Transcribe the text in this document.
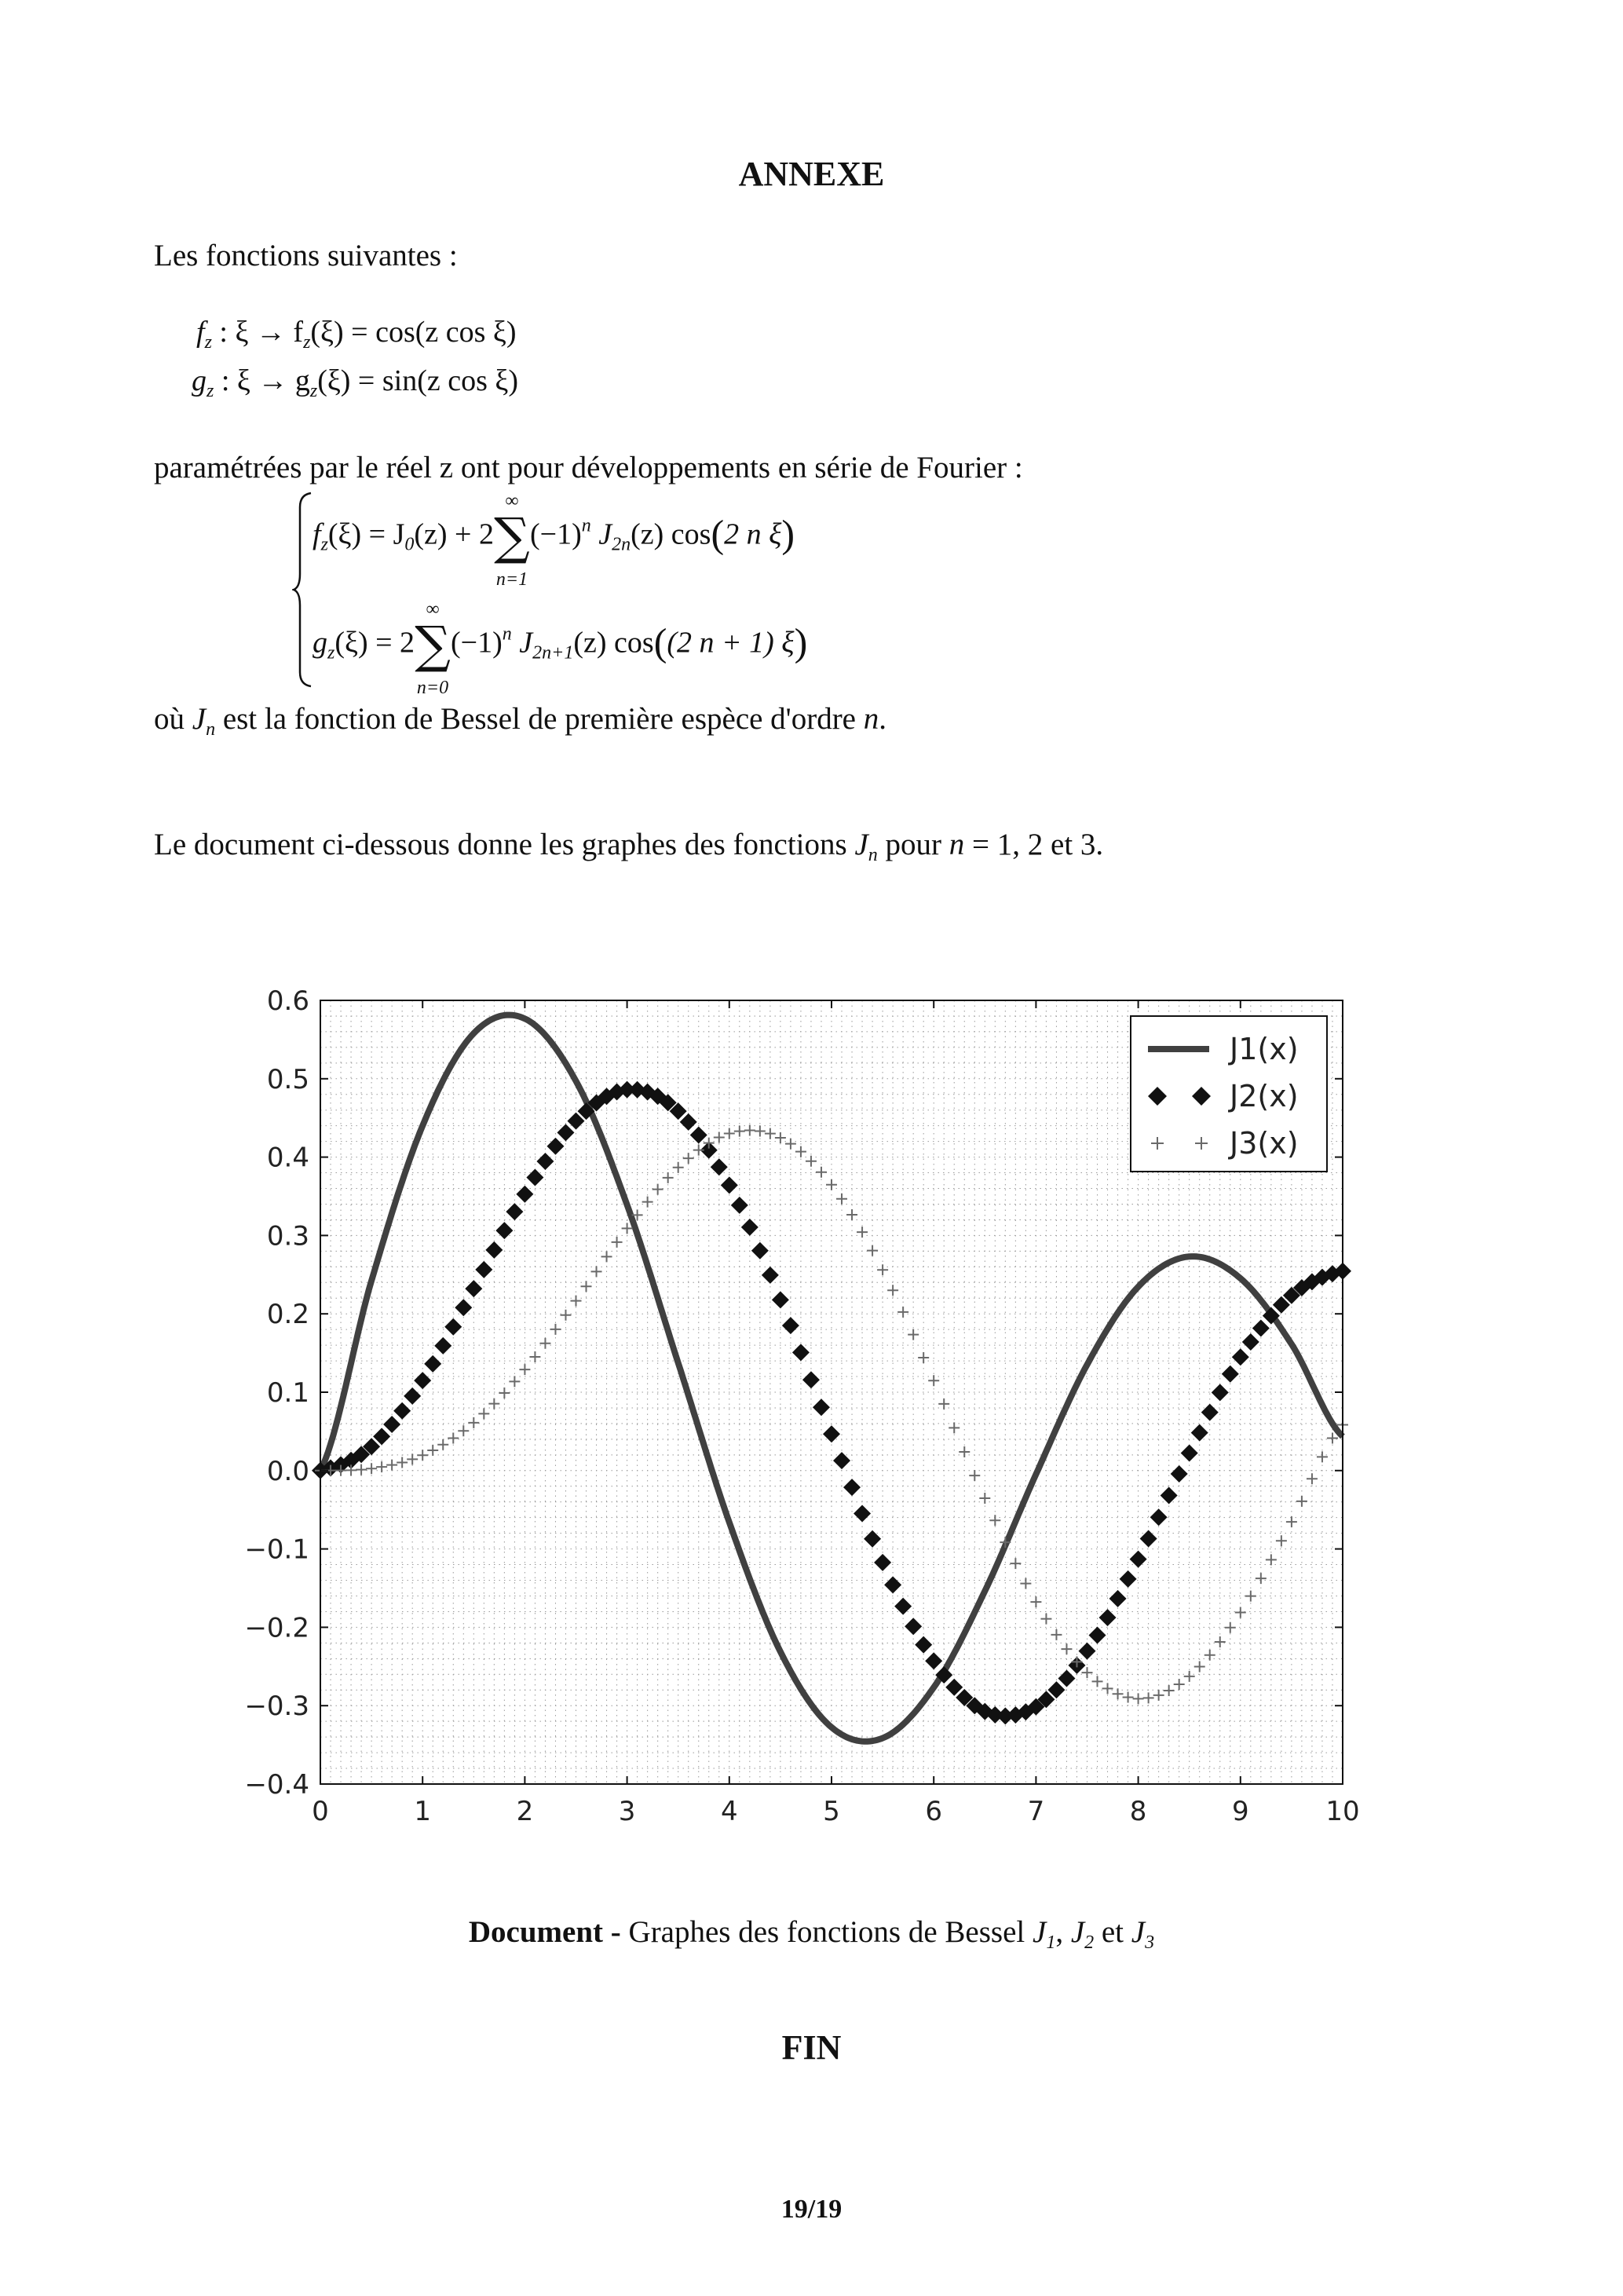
ANNEXE
Les fonctions suivantes :
$f_z$ : $\xi \to f_z(\xi) = \cos(z$ cos ξ)
$g_z$ : $\xi \to g_z(\xi) = \sin(z$ cos ξ)
paramétrées par le réel z ont pour développements en série de Fourier :
$f_z(\xi) = J_0(z) + 2$
∞
∑
n=1
$(-1)^n$ $J_{2n}(z)$ cos(2 n ξ)
$g_z(\xi) = 2$
∞
∑
n=0
$(-1)^n$ $J_{2n+1}(z)$ cos((2 n + 1) ξ)
où $J_n$ est la fonction de Bessel de première espèce d'ordre n.
Le document ci-dessous donne les graphes des fonctions $J_n$ pour n = 1, 2 et 3.
0	1	2	3	4	5	6	7	8	9	10
−0.4
−0.3
−0.2
−0.1
0.0
0.1
0.2
0.3
0.4
0.5
0.6
J1(x)
J2(x)
J3(x)
Document - Graphes des fonctions de Bessel $J_1$, $J_2$ et $J_3$
FIN
19/19
